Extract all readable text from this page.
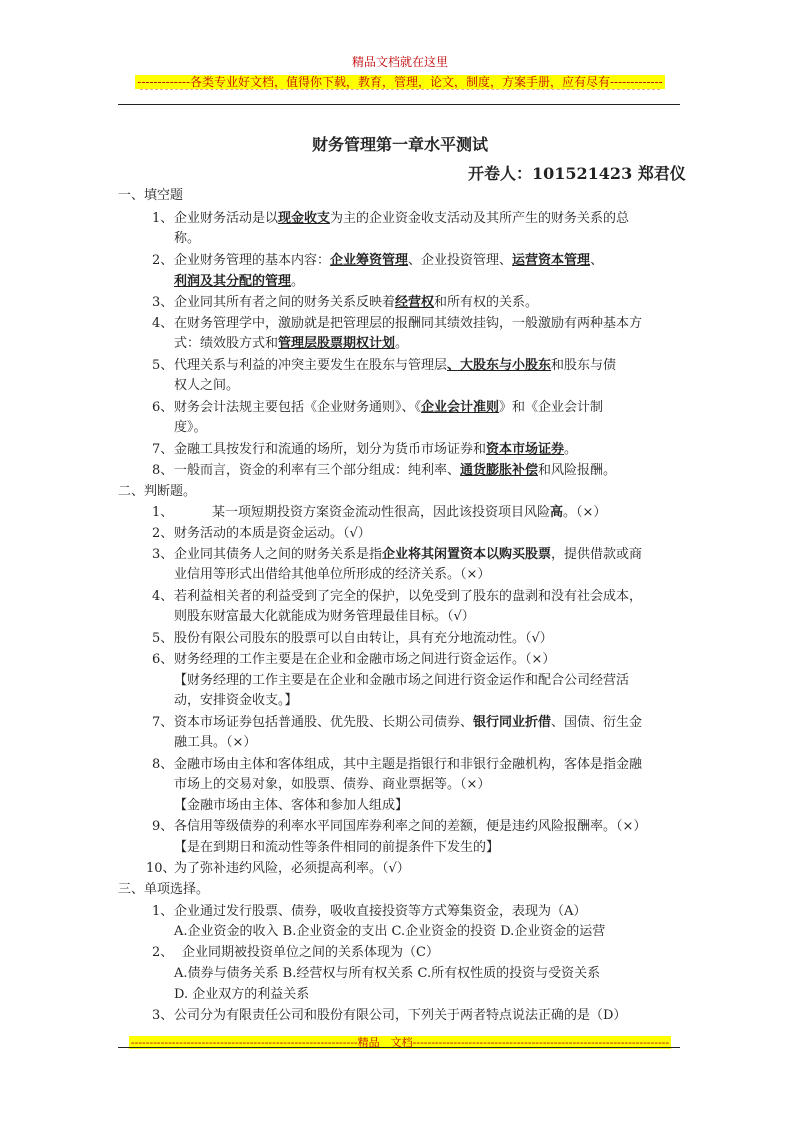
精品文档就在这里
-------------各类专业好文档，值得你下载，教育，管理，论文，制度，方案手册，应有尽有-------------
财务管理第一章水平测试
开卷人：101521423 郑君仪
一、填空题
1、 企业财务活动是以现金收支为主的企业资金收支活动及其所产生的财务关系的总
称。
2、 企业财务管理的基本内容：企业筹资管理、企业投资管理、运营资本管理、
利润及其分配的管理。
3、 企业同其所有者之间的财务关系反映着经营权和所有权的关系。
4、 在财务管理学中，激励就是把管理层的报酬同其绩效挂钩，一般激励有两种基本方
式：绩效股方式和管理层股票期权计划。
5、 代理关系与利益的冲突主要发生在股东与管理层、大股东与小股东和股东与债
权人之间。
6、 财务会计法规主要包括《企业财务通则》、《企业会计准则》和《企业会计制
度》。
7、 金融工具按发行和流通的场所，划分为货币市场证券和资本市场证券。
8、 一般而言，资金的利率有三个部分组成：纯利率、通货膨胀补偿和风险报酬。
二、判断题。
1、	某一项短期投资方案资金流动性很高，因此该投资项目风险高。（×）
2、 财务活动的本质是资金运动。（√）
3、 企业同其债务人之间的财务关系是指企业将其闲置资本以购买股票，提供借款或商
业信用等形式出借给其他单位所形成的经济关系。（×）
4、 若利益相关者的利益受到了完全的保护，以免受到了股东的盘剥和没有社会成本，
则股东财富最大化就能成为财务管理最佳目标。（√）
5、 股份有限公司股东的股票可以自由转让，具有充分地流动性。（√）
6、 财务经理的工作主要是在企业和金融市场之间进行资金运作。（×）
【财务经理的工作主要是在企业和金融市场之间进行资金运作和配合公司经营活
动，安排资金收支。】
7、 资本市场证券包括普通股、优先股、长期公司债券、银行同业折借、国债、衍生金
融工具。（×）
8、 金融市场由主体和客体组成，其中主题是指银行和非银行金融机构，客体是指金融
市场上的交易对象，如股票、债券、商业票据等。（×）
【金融市场由主体、客体和参加人组成】
9、 各信用等级债券的利率水平同国库券利率之间的差额，便是违约风险报酬率。（×）
【是在到期日和流动性等条件相同的前提条件下发生的】
10、
为了弥补违约风险，必须提高利率。（√）
三、单项选择。
1、 企业通过发行股票、债券，吸收直接投资等方式筹集资金，表现为（A）
A.企业资金的收入 B.企业资金的支出 C.企业资金的投资 D.企业资金的运营
2、 企业同期被投资单位之间的关系体现为（C）
A.债券与债务关系 B.经营权与所有权关系 C.所有权性质的投资与受资关系
D. 企业双方的利益关系
3、 公司分为有限责任公司和股份有限公司，下列关于两者特点说法正确的是（D）
-------------------------------------------------------------精品　文档---------------------------------------------------------------------
